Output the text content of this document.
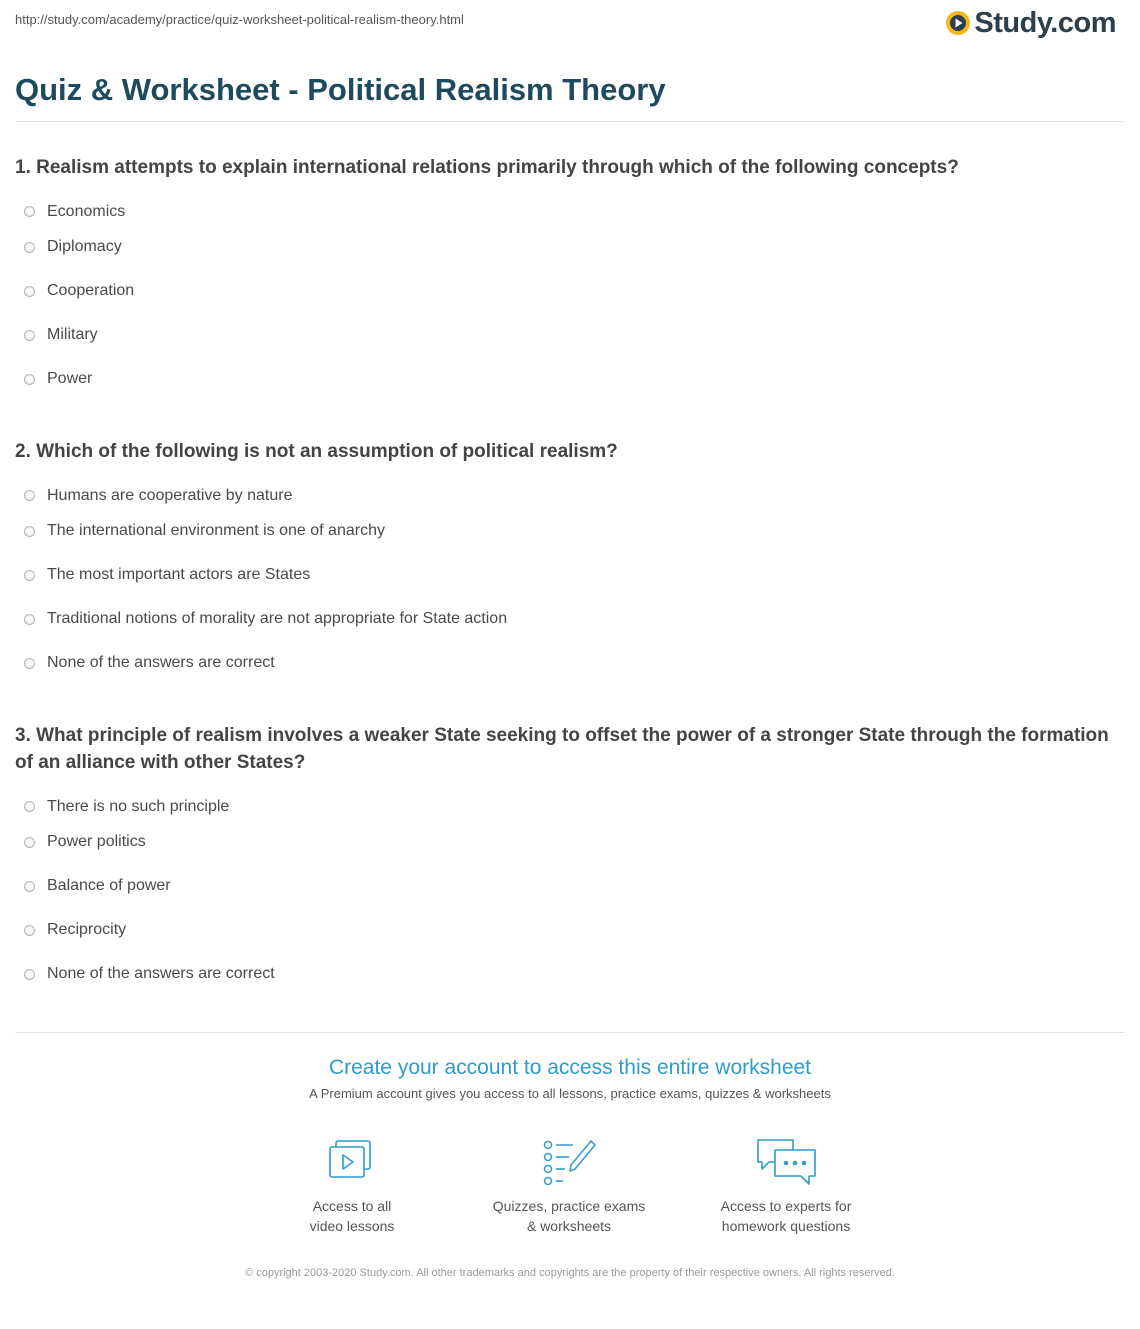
http://study.com/academy/practice/quiz-worksheet-political-realism-theory.html	Study.com
Quiz & Worksheet - Political Realism Theory
1. Realism attempts to explain international relations primarily through which of the following concepts?
Economics
Diplomacy
Cooperation
Military
Power
2. Which of the following is not an assumption of political realism?
Humans are cooperative by nature
The international environment is one of anarchy
The most important actors are States
Traditional notions of morality are not appropriate for State action
None of the answers are correct
3. What principle of realism involves a weaker State seeking to offset the power of a stronger State through the formation of an alliance with other States?
There is no such principle
Power politics
Balance of power
Reciprocity
None of the answers are correct
Create your account to access this entire worksheet
A Premium account gives you access to all lessons, practice exams, quizzes & worksheets
Access to all
video lessons
Quizzes, practice exams
& worksheets
Access to experts for
homework questions
© copyright 2003-2020 Study.com. All other trademarks and copyrights are the property of their respective owners. All rights reserved.
